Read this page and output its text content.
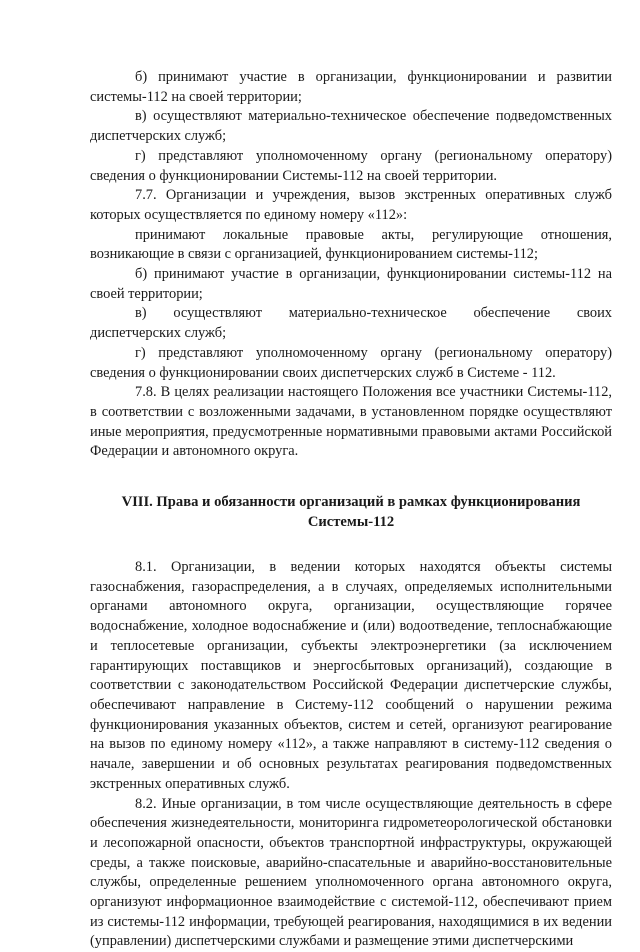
б) принимают участие в организации, функционировании и развитии системы-112 на своей территории;

в) осуществляют материально-техническое обеспечение подведомственных диспетчерских служб;

г) представляют уполномоченному органу (региональному оператору) сведения о функционировании Системы-112 на своей территории.

7.7. Организации и учреждения, вызов экстренных оперативных служб которых осуществляется по единому номеру «112»:

принимают локальные правовые акты, регулирующие отношения, возникающие в связи с организацией, функционированием системы-112;

б) принимают участие в организации, функционировании системы-112 на своей территории;

в) осуществляют материально-техническое обеспечение своих диспетчерских служб;

г) представляют уполномоченному органу (региональному оператору) сведения о функционировании своих диспетчерских служб в Системе - 112.

7.8. В целях реализации настоящего Положения все участники Системы-112, в соответствии с возложенными задачами, в установленном порядке осуществляют иные мероприятия, предусмотренные нормативными правовыми актами Российской Федерации и автономного округа.

VIII. Права и обязанности организаций в рамках функционирования Системы-112

8.1. Организации, в ведении которых находятся объекты системы газоснабжения, газораспределения, а в случаях, определяемых исполнительными органами автономного округа, организации, осуществляющие горячее водоснабжение, холодное водоснабжение и (или) водоотведение, теплоснабжающие и теплосетевые организации, субъекты электроэнергетики (за исключением гарантирующих поставщиков и энергосбытовых организаций), создающие в соответствии с законодательством Российской Федерации диспетчерские службы, обеспечивают направление в Систему-112 сообщений о нарушении режима функционирования указанных объектов, систем и сетей, организуют реагирование на вызов по единому номеру «112», а также направляют в систему-112 сведения о начале, завершении и об основных результатах реагирования подведомственных экстренных оперативных служб.

8.2. Иные организации, в том числе осуществляющие деятельность в сфере обеспечения жизнедеятельности, мониторинга гидрометеорологической обстановки и лесопожарной опасности, объектов транспортной инфраструктуры, окружающей среды, а также поисковые, аварийно-спасательные и аварийно-восстановительные службы, определенные решением уполномоченного органа автономного округа, организуют информационное взаимодействие с системой-112, обеспечивают прием из системы-112 информации, требующей реагирования, находящимися в их ведении (управлении) диспетчерскими службами и размещение этими диспетчерскими
